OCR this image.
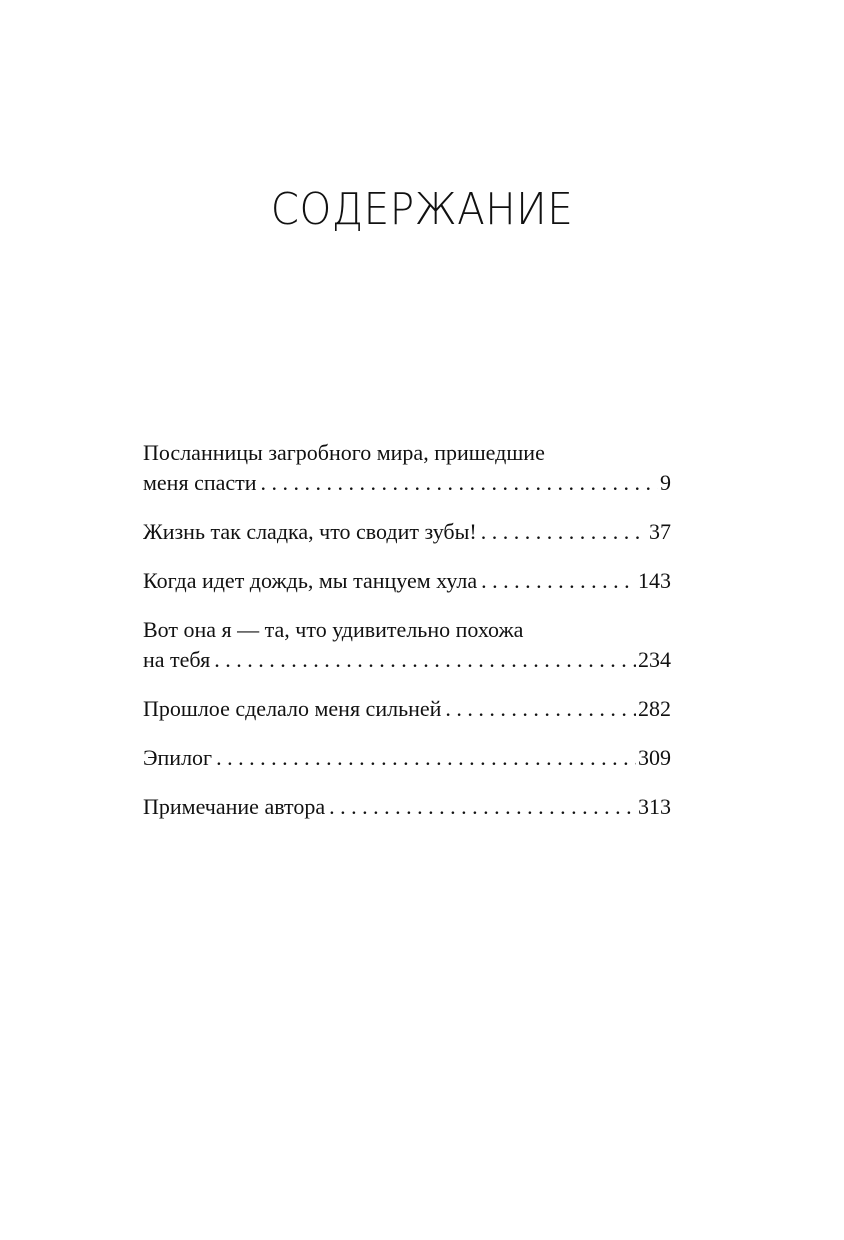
СОДЕРЖАНИЕ
Посланницы загробного мира, пришедшие
меня спасти . . .	9
Жизнь так сладка, что сводит зубы! . . .	37
Когда идет дождь, мы танцуем хула . . .	143
Вот она я — та, что удивительно похожа
на тебя . . .	234
Прошлое сделало меня сильней . . .	282
Эпилог . . .	309
Примечание автора . . .	313
